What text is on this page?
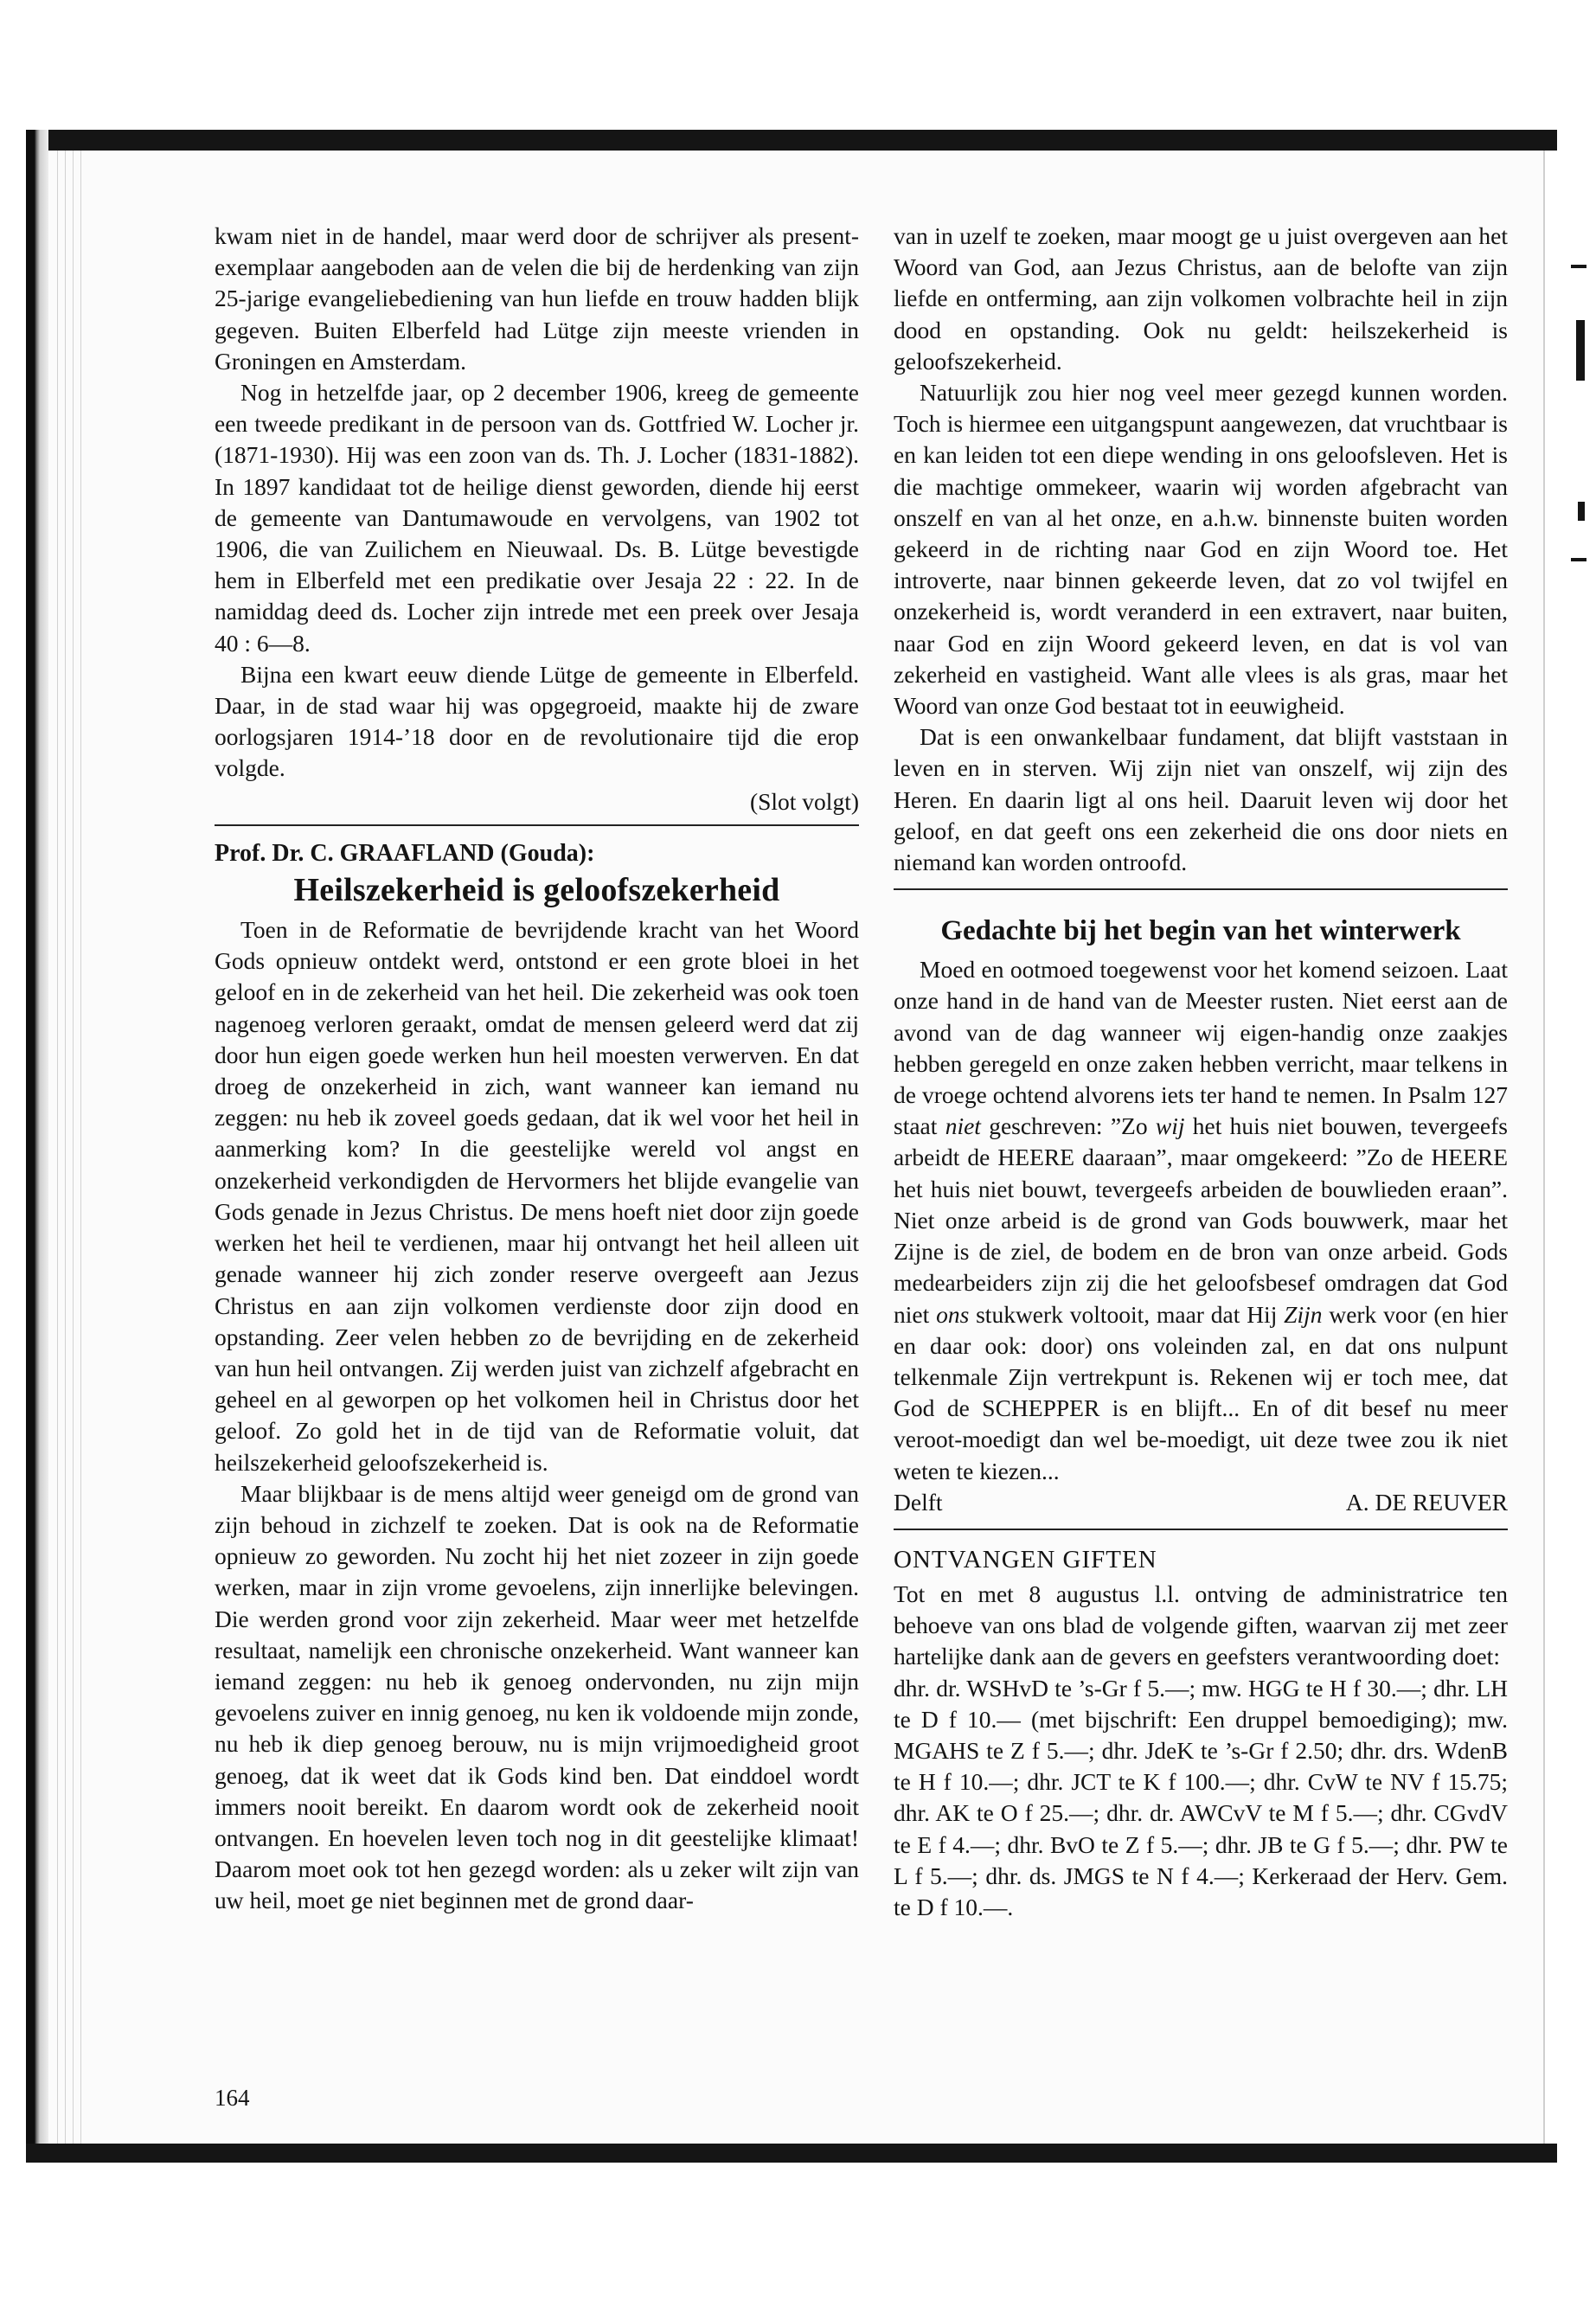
kwam niet in de handel, maar werd door de schrijver als present-exemplaar aangeboden aan de velen die bij de herdenking van zijn 25-jarige evangeliebediening van hun liefde en trouw hadden blijk gegeven. Buiten Elberfeld had Lütge zijn meeste vrienden in Groningen en Amsterdam.

Nog in hetzelfde jaar, op 2 december 1906, kreeg de gemeente een tweede predikant in de persoon van ds. Gottfried W. Locher jr. (1871-1930). Hij was een zoon van ds. Th. J. Locher (1831-1882). In 1897 kandidaat tot de heilige dienst geworden, diende hij eerst de gemeente van Dantumawoude en vervolgens, van 1902 tot 1906, die van Zuilichem en Nieuwaal. Ds. B. Lütge bevestigde hem in Elberfeld met een predikatie over Jesaja 22 : 22. In de namiddag deed ds. Locher zijn intrede met een preek over Jesaja 40 : 6—8.

Bijna een kwart eeuw diende Lütge de gemeente in Elberfeld. Daar, in de stad waar hij was opgegroeid, maakte hij de zware oorlogsjaren 1914-’18 door en de revolutionaire tijd die erop volgde.

(Slot volgt)
Prof. Dr. C. GRAAFLAND (Gouda):
Heilszekerheid is geloofszekerheid

Toen in de Reformatie de bevrijdende kracht van het Woord Gods opnieuw ontdekt werd, ontstond er een grote bloei in het geloof en in de zekerheid van het heil. Die zekerheid was ook toen nagenoeg verloren geraakt, omdat de mensen geleerd werd dat zij door hun eigen goede werken hun heil moesten verwerven. En dat droeg de onzekerheid in zich, want wanneer kan iemand nu zeggen: nu heb ik zoveel goeds gedaan, dat ik wel voor het heil in aanmerking kom? In die geestelijke wereld vol angst en onzekerheid verkondigden de Hervormers het blijde evangelie van Gods genade in Jezus Christus. De mens hoeft niet door zijn goede werken het heil te verdienen, maar hij ontvangt het heil alleen uit genade wanneer hij zich zonder reserve overgeeft aan Jezus Christus en aan zijn volkomen verdienste door zijn dood en opstanding. Zeer velen hebben zo de bevrijding en de zekerheid van hun heil ontvangen. Zij werden juist van zichzelf afgebracht en geheel en al geworpen op het volkomen heil in Christus door het geloof. Zo gold het in de tijd van de Reformatie voluit, dat heilszekerheid geloofszekerheid is.

Maar blijkbaar is de mens altijd weer geneigd om de grond van zijn behoud in zichzelf te zoeken. Dat is ook na de Reformatie opnieuw zo geworden. Nu zocht hij het niet zozeer in zijn goede werken, maar in zijn vrome gevoelens, zijn innerlijke belevingen. Die werden grond voor zijn zekerheid. Maar weer met hetzelfde resultaat, namelijk een chronische onzekerheid. Want wanneer kan iemand zeggen: nu heb ik genoeg ondervonden, nu zijn mijn gevoelens zuiver en innig genoeg, nu ken ik voldoende mijn zonde, nu heb ik diep genoeg berouw, nu is mijn vrijmoedigheid groot genoeg, dat ik weet dat ik Gods kind ben. Dat einddoel wordt immers nooit bereikt. En daarom wordt ook de zekerheid nooit ontvangen. En hoevelen leven toch nog in dit geestelijke klimaat! Daarom moet ook tot hen gezegd worden: als u zeker wilt zijn van uw heil, moet ge niet beginnen met de grond daar-

van in uzelf te zoeken, maar moogt ge u juist overgeven aan het Woord van God, aan Jezus Christus, aan de belofte van zijn liefde en ontferming, aan zijn volkomen volbrachte heil in zijn dood en opstanding. Ook nu geldt: heilszekerheid is geloofszekerheid.

Natuurlijk zou hier nog veel meer gezegd kunnen worden. Toch is hiermee een uitgangspunt aangewezen, dat vruchtbaar is en kan leiden tot een diepe wending in ons geloofsleven. Het is die machtige ommekeer, waarin wij worden afgebracht van onszelf en van al het onze, en a.h.w. binnenste buiten worden gekeerd in de richting naar God en zijn Woord toe. Het introverte, naar binnen gekeerde leven, dat zo vol twijfel en onzekerheid is, wordt veranderd in een extravert, naar buiten, naar God en zijn Woord gekeerd leven, en dat is vol van zekerheid en vastigheid. Want alle vlees is als gras, maar het Woord van onze God bestaat tot in eeuwigheid.

Dat is een onwankelbaar fundament, dat blijft vaststaan in leven en in sterven. Wij zijn niet van onszelf, wij zijn des Heren. En daarin ligt al ons heil. Daaruit leven wij door het geloof, en dat geeft ons een zekerheid die ons door niets en niemand kan worden ontroofd.

Gedachte bij het begin van het winterwerk

Moed en ootmoed toegewenst voor het komend seizoen. Laat onze hand in de hand van de Meester rusten. Niet eerst aan de avond van de dag wanneer wij eigen-handig onze zaakjes hebben geregeld en onze zaken hebben verricht, maar telkens in de vroege ochtend alvorens iets ter hand te nemen. In Psalm 127 staat niet geschreven: ”Zo wij het huis niet bouwen, tevergeefs arbeidt de HEERE daaraan”, maar omgekeerd: ”Zo de HEERE het huis niet bouwt, tevergeefs arbeiden de bouwlieden eraan”. Niet onze arbeid is de grond van Gods bouwwerk, maar het Zijne is de ziel, de bodem en de bron van onze arbeid. Gods medearbeiders zijn zij die het geloofsbesef omdragen dat God niet ons stukwerk voltooit, maar dat Hij Zijn werk voor (en hier en daar ook: door) ons voleinden zal, en dat ons nulpunt telkenmale Zijn vertrekpunt is. Rekenen wij er toch mee, dat God de SCHEPPER is en blijft... En of dit besef nu meer veroot-moedigt dan wel be-moedigt, uit deze twee zou ik niet weten te kiezen...

Delft	A. DE REUVER
ONTVANGEN GIFTEN

Tot en met 8 augustus l.l. ontving de administratrice ten behoeve van ons blad de volgende giften, waarvan zij met zeer hartelijke dank aan de gevers en geefsters verantwoording doet:

dhr. dr. WSHvD te ’s-Gr f 5.—; mw. HGG te H f 30.—; dhr. LH te D f 10.— (met bijschrift: Een druppel bemoediging); mw. MGAHS te Z f 5.—; dhr. JdeK te ’s-Gr f 2.50; dhr. drs. WdenB te H f 10.—; dhr. JCT te K f 100.—; dhr. CvW te NV f 15.75; dhr. AK te O f 25.—; dhr. dr. AWCvV te M f 5.—; dhr. CGvdV te E f 4.—; dhr. BvO te Z f 5.—; dhr. JB te G f 5.—; dhr. PW te L f 5.—; dhr. ds. JMGS te N f 4.—; Kerkeraad der Herv. Gem. te D f 10.—.

164
